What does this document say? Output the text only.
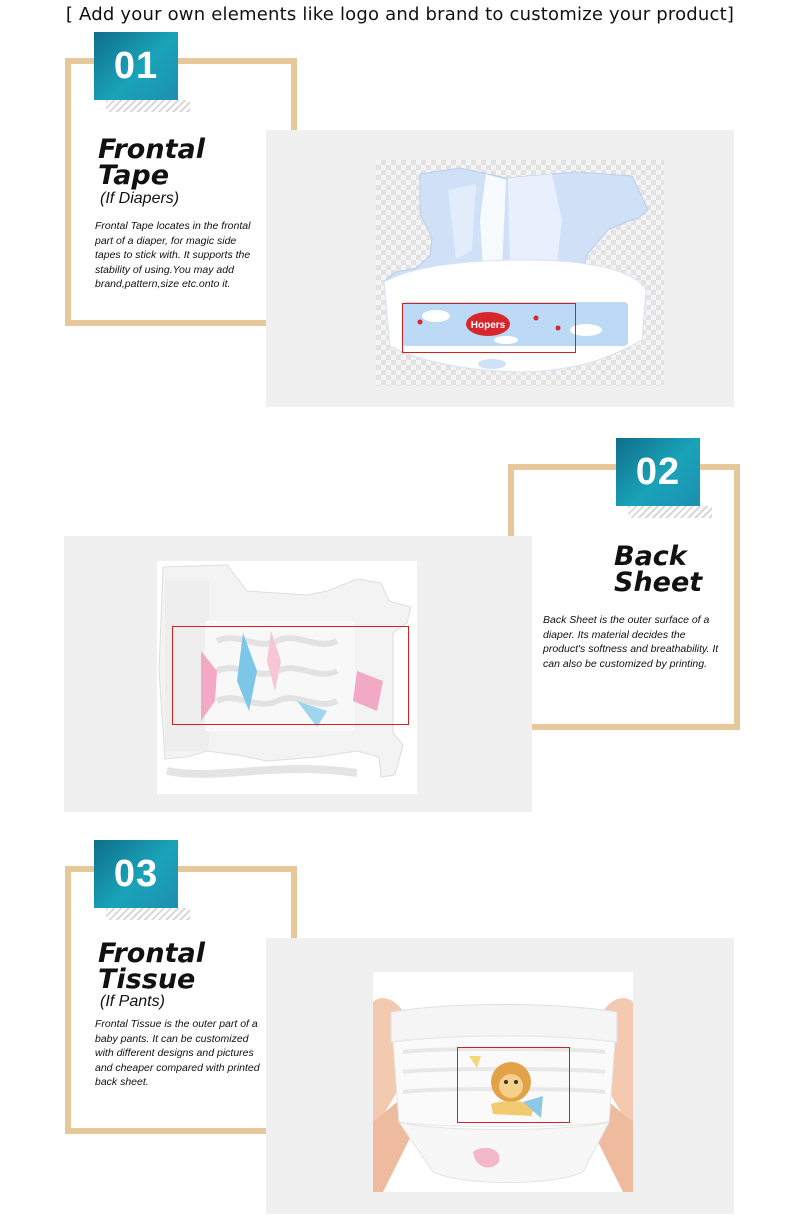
[ Add your own elements like logo and brand to customize your product]
01
Frontal
Tape
(If Diapers)
Frontal Tape locates in the frontal part of a diaper, for magic side tapes to stick with. It supports the stability of using.You may add brand,pattern,size etc.onto it.
Hopers
02
Back
Sheet
Back Sheet is the outer surface of a diaper. Its material decides the product's softness and breathability. It can also be customized by printing.
03
Frontal
Tissue
(If Pants)
Frontal Tissue is the outer part of a baby pants. It can be customized with different designs and pictures and cheaper compared with printed back sheet.
